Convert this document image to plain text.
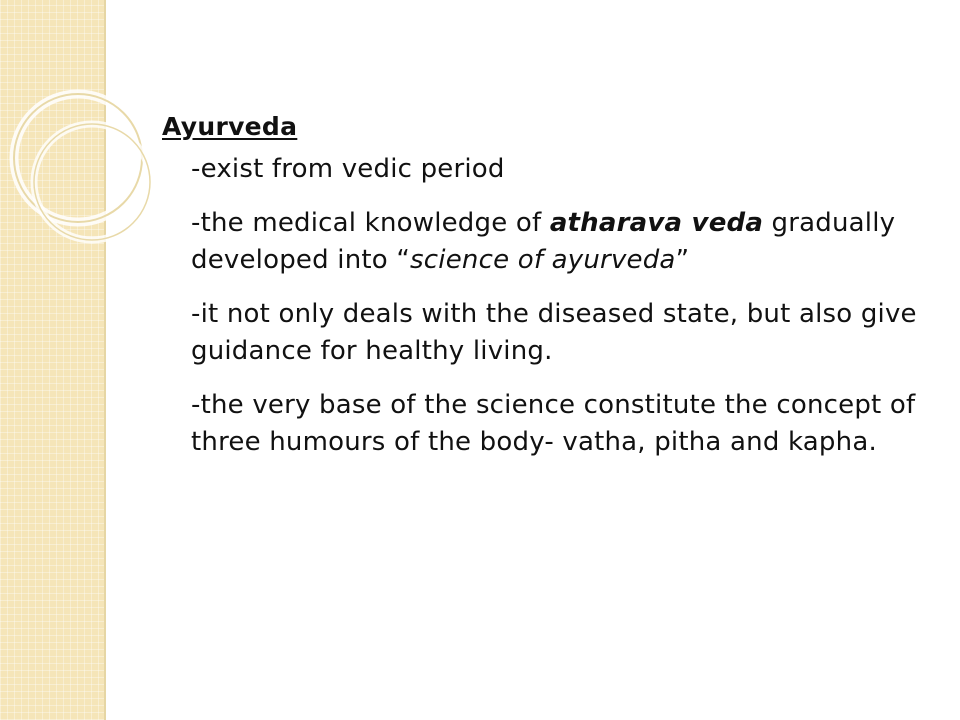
Ayurveda

-exist from vedic period

-the medical knowledge of atharava veda gradually developed into “science of ayurveda”

-it not only deals with the diseased state, but also give guidance for healthy living.

-the very base of the science constitute the concept of three humours of the body- vatha, pitha and kapha.
